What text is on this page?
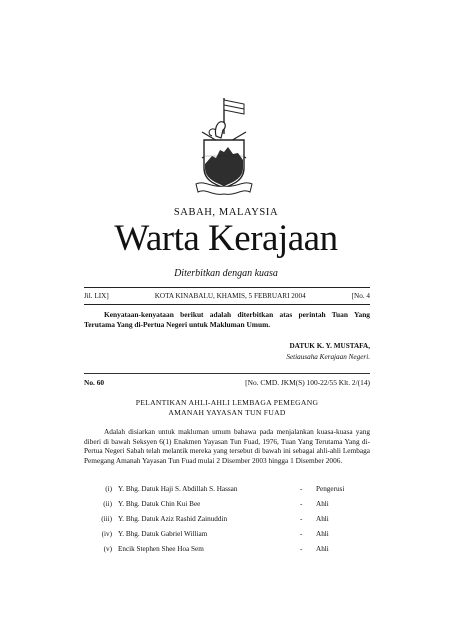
SABAH, MALAYSIA
Warta Kerajaan
Diterbitkan dengan kuasa
Jil. LIX]	KOTA KINABALU, KHAMIS, 5 FEBRUARI 2004	[No. 4
Kenyataan-kenyataan berikut adalah diterbitkan atas perintah Tuan Yang Terutama Yang di-Pertua Negeri untuk Makluman Umum.
DATUK K. Y. MUSTAFA,
Setiausaha Kerajaan Negeri.
No. 60	[No. CMD. JKM(S) 100-22/55 Klt. 2/(14)
PELANTIKAN AHLI-AHLI LEMBAGA PEMEGANG
AMANAH YAYASAN TUN FUAD
Adalah disiarkan untuk makluman umum bahawa pada menjalankan kuasa-kuasa yang diberi di bawah Seksyen 6(1) Enakmen Yayasan Tun Fuad, 1976, Tuan Yang Terutama Yang di-Pertua Negeri Sabah telah melantik mereka yang tersebut di bawah ini sebagai ahli-ahli Lembaga Pemegang Amanah Yayasan Tun Fuad mulai 2 Disember 2003 hingga 1 Disember 2006.
(i) Y. Bhg. Datuk Haji S. Abdillah S. Hassan	- Pengerusi
(ii) Y. Bhg. Datuk Chin Kui Bee	- Ahli
(iii) Y. Bhg. Datuk Aziz Rashid Zainuddin	- Ahli
(iv) Y. Bhg. Datuk Gabriel William	- Ahli
(v) Encik Stephen Shee Hoa Sem	- Ahli
